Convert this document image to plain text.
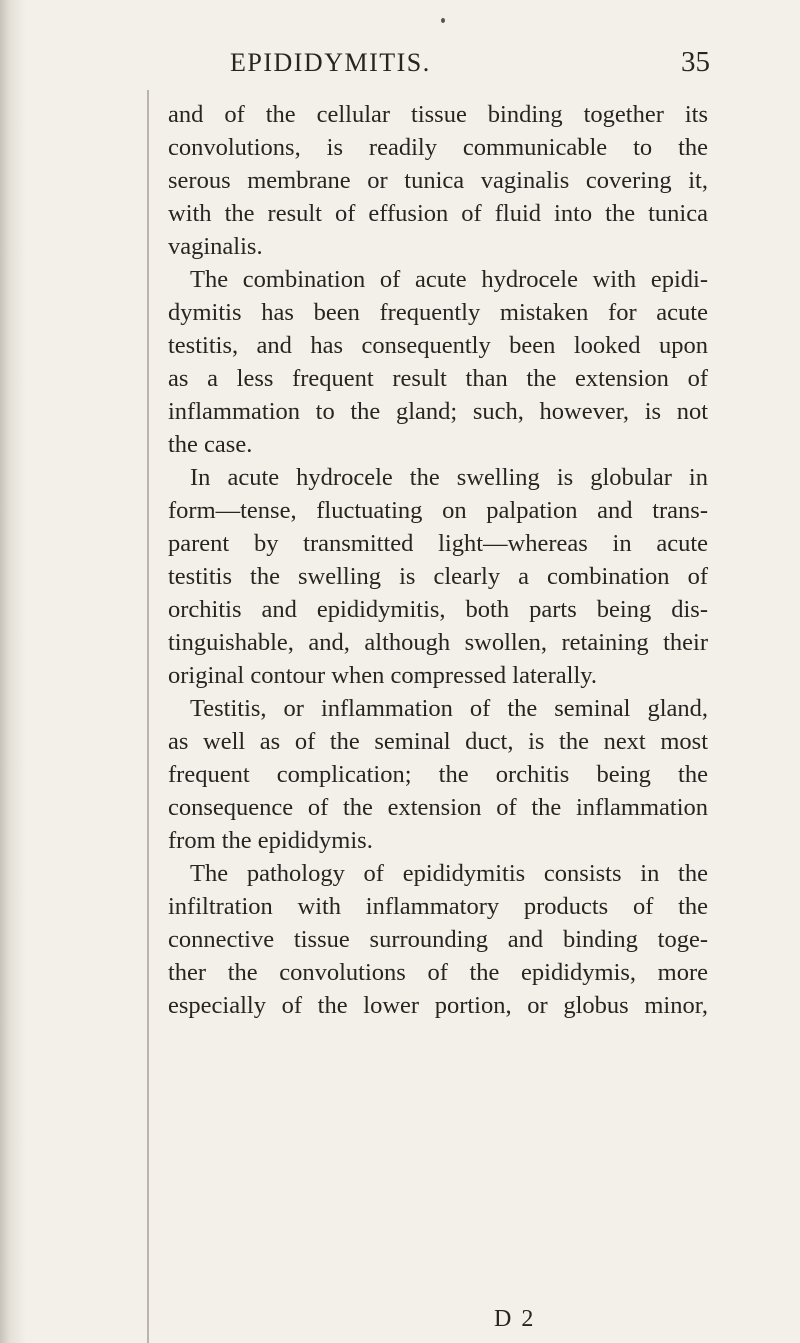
EPIDIDYMITIS.	35
and of the cellular tissue binding together its
convolutions, is readily communicable to the
serous membrane or tunica vaginalis covering it,
with the result of effusion of fluid into the tunica
vaginalis.
The combination of acute hydrocele with epidi-
dymitis has been frequently mistaken for acute
testitis, and has consequently been looked upon
as a less frequent result than the extension of
inflammation to the gland; such, however, is not
the case.
In acute hydrocele the swelling is globular in
form—tense, fluctuating on palpation and trans-
parent by transmitted light—whereas in acute
testitis the swelling is clearly a combination of
orchitis and epididymitis, both parts being dis-
tinguishable, and, although swollen, retaining their
original contour when compressed laterally.
Testitis, or inflammation of the seminal gland,
as well as of the seminal duct, is the next most
frequent complication; the orchitis being the
consequence of the extension of the inflammation
from the epididymis.
The pathology of epididymitis consists in the
infiltration with inflammatory products of the
connective tissue surrounding and binding toge-
ther the convolutions of the epididymis, more
especially of the lower portion, or globus minor,
D 2
